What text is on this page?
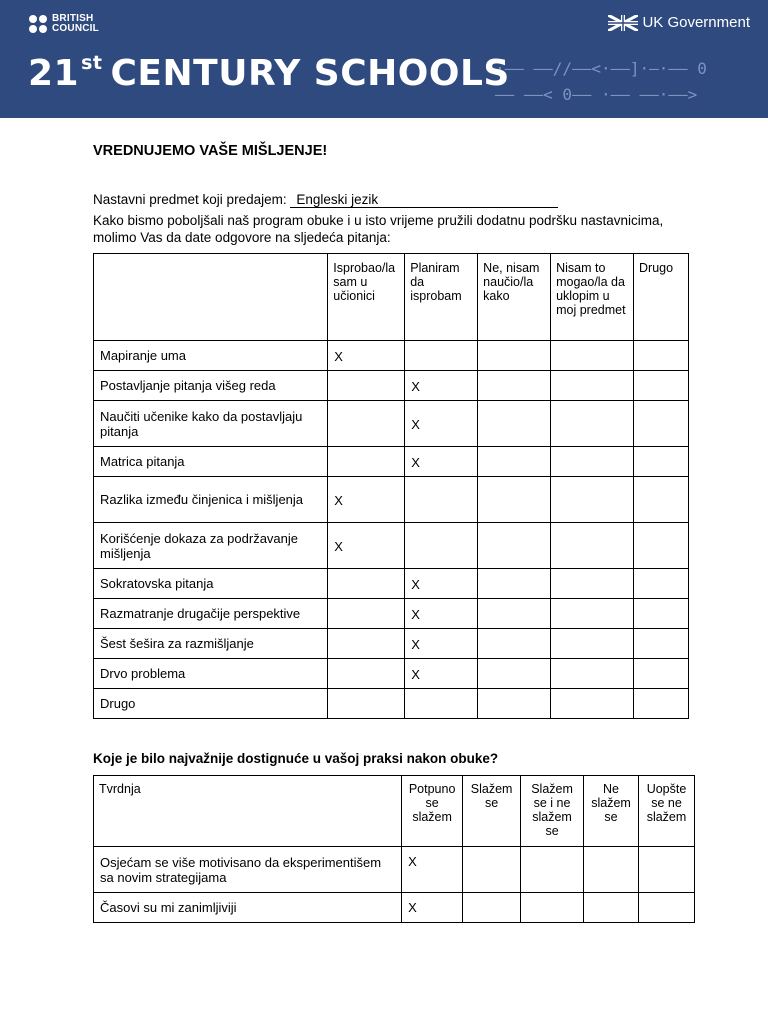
BRITISH
COUNCIL	UK Government
21 $^{st}$ CENTURY SCHOOLS
·—— ——//——<·——]·—·—— 0
—— ——< 0—— ·—— ——·——>
VREDNUJEMO VAŠE MIŠLJENJE!
Nastavni predmet koji predajem: Engleski jezik
Kako bismo poboljšali naš program obuke i u isto vrijeme pružili dodatnu podršku nastavnicima, molimo Vas da date odgovore na sljedeća pitanja:
	Isprobao/la sam u učionici	Planiram da isprobam	Ne, nisam naučio/la kako	Nisam to mogao/la da uklopim u moj predmet	Drugo
Mapiranje uma	X				
Postavljanje pitanja višeg reda		X			
Naučiti učenike kako da postavljaju pitanja		X			
Matrica pitanja		X			
Razlika između činjenica i mišljenja	X				
Korišćenje dokaza za podržavanje mišljenja	X				
Sokratovska pitanja		X			
Razmatranje drugačije perspektive		X			
Šest šešira za razmišljanje		X			
Drvo problema		X			
Drugo					
Koje je bilo najvažnije dostignuće u vašoj praksi nakon obuke?
Tvrdnja	Potpuno se slažem	Slažem se	Slažem se i ne slažem se	Ne slažem se	Uopšte se ne slažem
Osjećam se više motivisano da eksperimentišem sa novim strategijama	X				
Časovi su mi zanimljiviji	X				
